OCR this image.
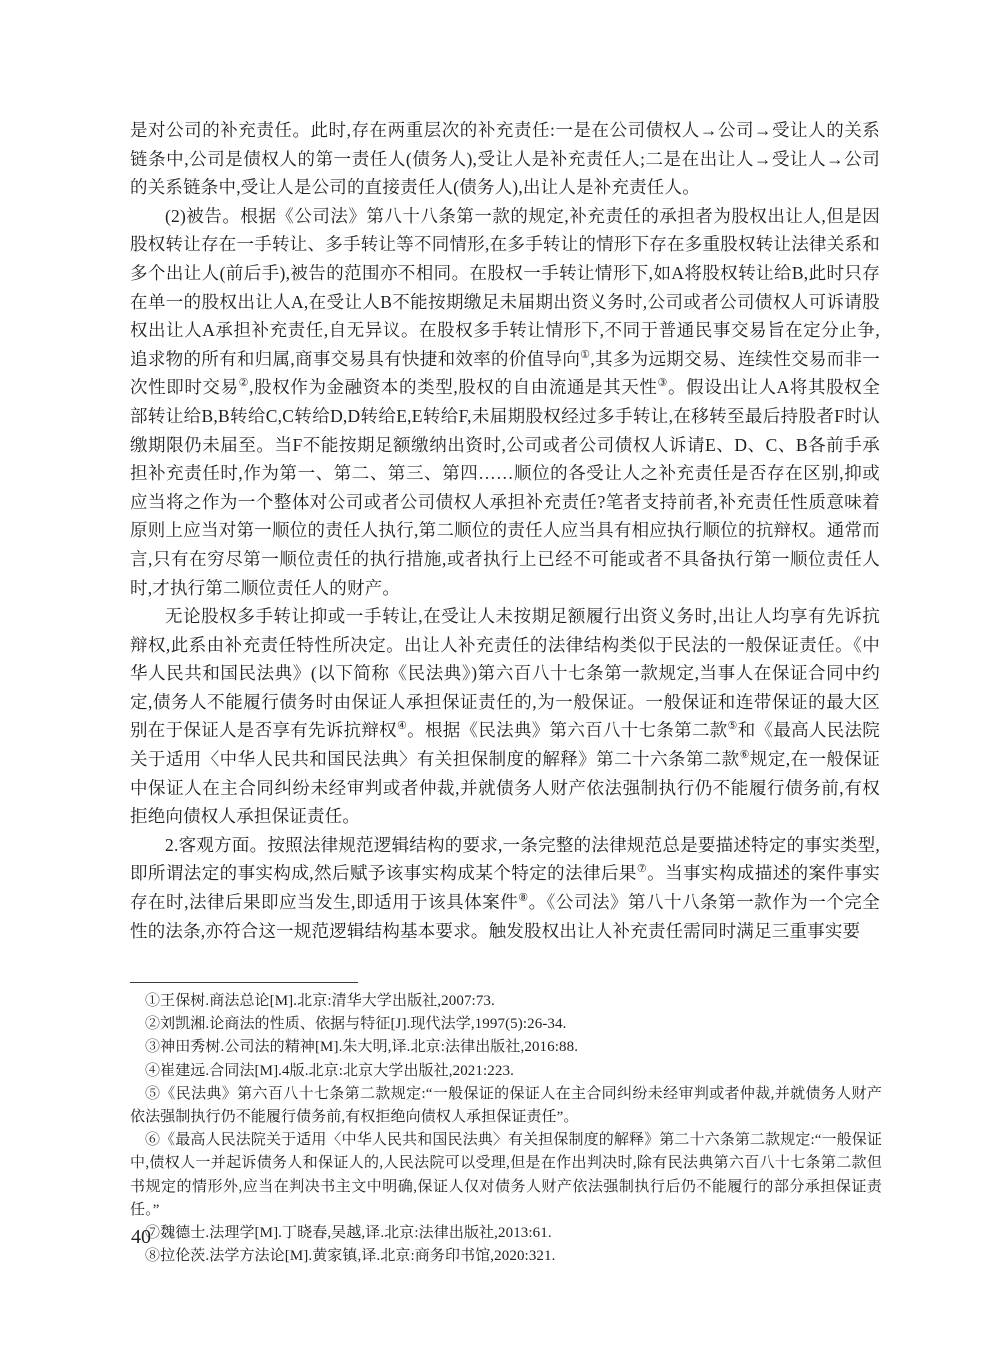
是对公司的补充责任。此时,存在两重层次的补充责任:一是在公司债权人→公司→受让人的关系链条中,公司是债权人的第一责任人(债务人),受让人是补充责任人;二是在出让人→受让人→公司的关系链条中,受让人是公司的直接责任人(债务人),出让人是补充责任人。

(2)被告。根据《公司法》第八十八条第一款的规定,补充责任的承担者为股权出让人,但是因股权转让存在一手转让、多手转让等不同情形,在多手转让的情形下存在多重股权转让法律关系和多个出让人(前后手),被告的范围亦不相同。在股权一手转让情形下,如A将股权转让给B,此时只存在单一的股权出让人A,在受让人B不能按期缴足未届期出资义务时,公司或者公司债权人可诉请股权出让人A承担补充责任,自无异议。在股权多手转让情形下,不同于普通民事交易旨在定分止争,追求物的所有和归属,商事交易具有快捷和效率的价值导向①,其多为远期交易、连续性交易而非一次性即时交易②,股权作为金融资本的类型,股权的自由流通是其天性③。假设出让人A将其股权全部转让给B,B转给C,C转给D,D转给E,E转给F,未届期股权经过多手转让,在移转至最后持股者F时认缴期限仍未届至。当F不能按期足额缴纳出资时,公司或者公司债权人诉请E、D、C、B各前手承担补充责任时,作为第一、第二、第三、第四……顺位的各受让人之补充责任是否存在区别,抑或应当将之作为一个整体对公司或者公司债权人承担补充责任?笔者支持前者,补充责任性质意味着原则上应当对第一顺位的责任人执行,第二顺位的责任人应当具有相应执行顺位的抗辩权。通常而言,只有在穷尽第一顺位责任的执行措施,或者执行上已经不可能或者不具备执行第一顺位责任人时,才执行第二顺位责任人的财产。

无论股权多手转让抑或一手转让,在受让人未按期足额履行出资义务时,出让人均享有先诉抗辩权,此系由补充责任特性所决定。出让人补充责任的法律结构类似于民法的一般保证责任。《中华人民共和国民法典》(以下简称《民法典》)第六百八十七条第一款规定,当事人在保证合同中约定,债务人不能履行债务时由保证人承担保证责任的,为一般保证。一般保证和连带保证的最大区别在于保证人是否享有先诉抗辩权④。根据《民法典》第六百八十七条第二款⑤和《最高人民法院关于适用〈中华人民共和国民法典〉有关担保制度的解释》第二十六条第二款⑥规定,在一般保证中保证人在主合同纠纷未经审判或者仲裁,并就债务人财产依法强制执行仍不能履行债务前,有权拒绝向债权人承担保证责任。

2.客观方面。按照法律规范逻辑结构的要求,一条完整的法律规范总是要描述特定的事实类型,即所谓法定的事实构成,然后赋予该事实构成某个特定的法律后果⑦。当事实构成描述的案件事实存在时,法律后果即应当发生,即适用于该具体案件⑧。《公司法》第八十八条第一款作为一个完全性的法条,亦符合这一规范逻辑结构基本要求。触发股权出让人补充责任需同时满足三重事实要

①王保树.商法总论[M].北京:清华大学出版社,2007:73.

②刘凯湘.论商法的性质、依据与特征[J].现代法学,1997(5):26-34.

③神田秀树.公司法的精神[M].朱大明,译.北京:法律出版社,2016:88.

④崔建远.合同法[M].4版.北京:北京大学出版社,2021:223.

⑤《民法典》第六百八十七条第二款规定:“一般保证的保证人在主合同纠纷未经审判或者仲裁,并就债务人财产依法强制执行仍不能履行债务前,有权拒绝向债权人承担保证责任”。

⑥《最高人民法院关于适用〈中华人民共和国民法典〉有关担保制度的解释》第二十六条第二款规定:“一般保证中,债权人一并起诉债务人和保证人的,人民法院可以受理,但是在作出判决时,除有民法典第六百八十七条第二款但书规定的情形外,应当在判决书主文中明确,保证人仅对债务人财产依法强制执行后仍不能履行的部分承担保证责任。”

⑦魏德士.法理学[M].丁晓春,吴越,译.北京:法律出版社,2013:61.

⑧拉伦茨.法学方法论[M].黄家镇,译.北京:商务印书馆,2020:321.

40
